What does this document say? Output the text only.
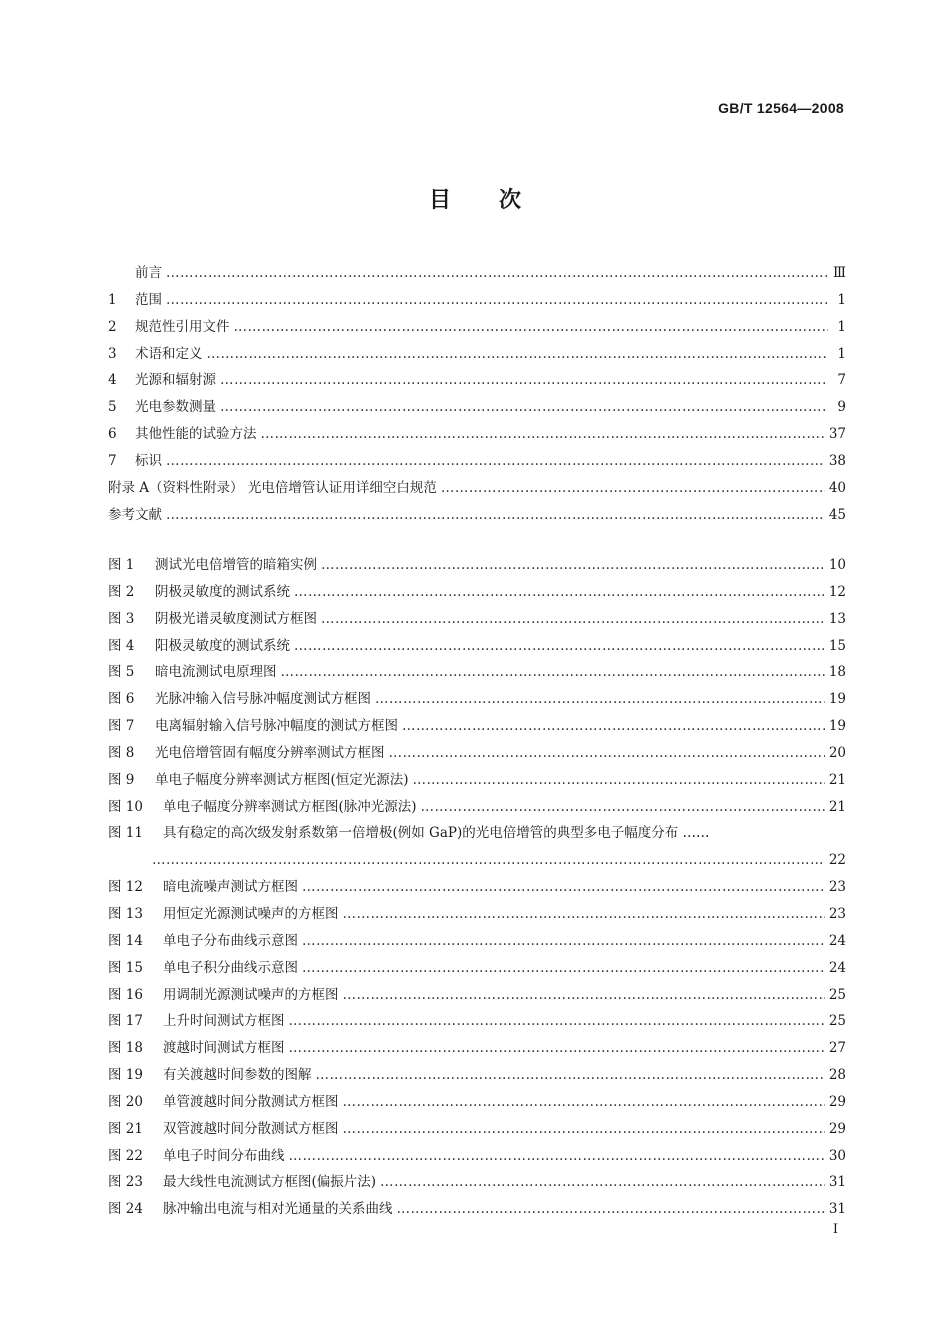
GB/T 12564—2008
目 次
前言 …………………………………………………………………………………………………………………………………………………………………………………………………………………………	Ⅲ
1	范围 …………………………………………………………………………………………………………………………………………………………………………………………………………………………	1
2	规范性引用文件 …………………………………………………………………………………………………………………………………………………………………………………………………………………………	1
3	术语和定义 …………………………………………………………………………………………………………………………………………………………………………………………………………………………	1
4	光源和辐射源 …………………………………………………………………………………………………………………………………………………………………………………………………………………………	7
5	光电参数测量 …………………………………………………………………………………………………………………………………………………………………………………………………………………………	9
6	其他性能的试验方法 …………………………………………………………………………………………………………………………………………………………………………………………………………………………	37
7	标识 …………………………………………………………………………………………………………………………………………………………………………………………………………………………	38
附录 A（资料性附录） 光电倍增管认证用详细空白规范 …………………………………………………………………………………………………………………………………………………………………………………………………………………………	40
参考文献 …………………………………………………………………………………………………………………………………………………………………………………………………………………………	45
图 1	测试光电倍增管的暗箱实例 …………………………………………………………………………………………………………………………………………………………………………………………………………………………	10
图 2	阴极灵敏度的测试系统 …………………………………………………………………………………………………………………………………………………………………………………………………………………………	12
图 3	阴极光谱灵敏度测试方框图 …………………………………………………………………………………………………………………………………………………………………………………………………………………………	13
图 4	阳极灵敏度的测试系统 …………………………………………………………………………………………………………………………………………………………………………………………………………………………	15
图 5	暗电流测试电原理图 …………………………………………………………………………………………………………………………………………………………………………………………………………………………	18
图 6	光脉冲输入信号脉冲幅度测试方框图 …………………………………………………………………………………………………………………………………………………………………………………………………………………………	19
图 7	电离辐射输入信号脉冲幅度的测试方框图 …………………………………………………………………………………………………………………………………………………………………………………………………………………………	19
图 8	光电倍增管固有幅度分辨率测试方框图 …………………………………………………………………………………………………………………………………………………………………………………………………………………………	20
图 9	单电子幅度分辨率测试方框图(恒定光源法) …………………………………………………………………………………………………………………………………………………………………………………………………………………………	21
图 10	单电子幅度分辨率测试方框图(脉冲光源法) …………………………………………………………………………………………………………………………………………………………………………………………………………………………	21
图 11	具有稳定的高次级发射系数第一倍增极(例如 GaP)的光电倍增管的典型多电子幅度分布 ……
…………………………………………………………………………………………………………………………………………………………………………………………………………………………
22
图 12	暗电流噪声测试方框图 …………………………………………………………………………………………………………………………………………………………………………………………………………………………	23
图 13	用恒定光源测试噪声的方框图 …………………………………………………………………………………………………………………………………………………………………………………………………………………………	23
图 14	单电子分布曲线示意图 …………………………………………………………………………………………………………………………………………………………………………………………………………………………	24
图 15	单电子积分曲线示意图 …………………………………………………………………………………………………………………………………………………………………………………………………………………………	24
图 16	用调制光源测试噪声的方框图 …………………………………………………………………………………………………………………………………………………………………………………………………………………………	25
图 17	上升时间测试方框图 …………………………………………………………………………………………………………………………………………………………………………………………………………………………	25
图 18	渡越时间测试方框图 …………………………………………………………………………………………………………………………………………………………………………………………………………………………	27
图 19	有关渡越时间参数的图解 …………………………………………………………………………………………………………………………………………………………………………………………………………………………	28
图 20	单管渡越时间分散测试方框图 …………………………………………………………………………………………………………………………………………………………………………………………………………………………	29
图 21	双管渡越时间分散测试方框图 …………………………………………………………………………………………………………………………………………………………………………………………………………………………	29
图 22	单电子时间分布曲线 …………………………………………………………………………………………………………………………………………………………………………………………………………………………	30
图 23	最大线性电流测试方框图(偏振片法) …………………………………………………………………………………………………………………………………………………………………………………………………………………………	31
图 24	脉冲输出电流与相对光通量的关系曲线 …………………………………………………………………………………………………………………………………………………………………………………………………………………………	31
I
